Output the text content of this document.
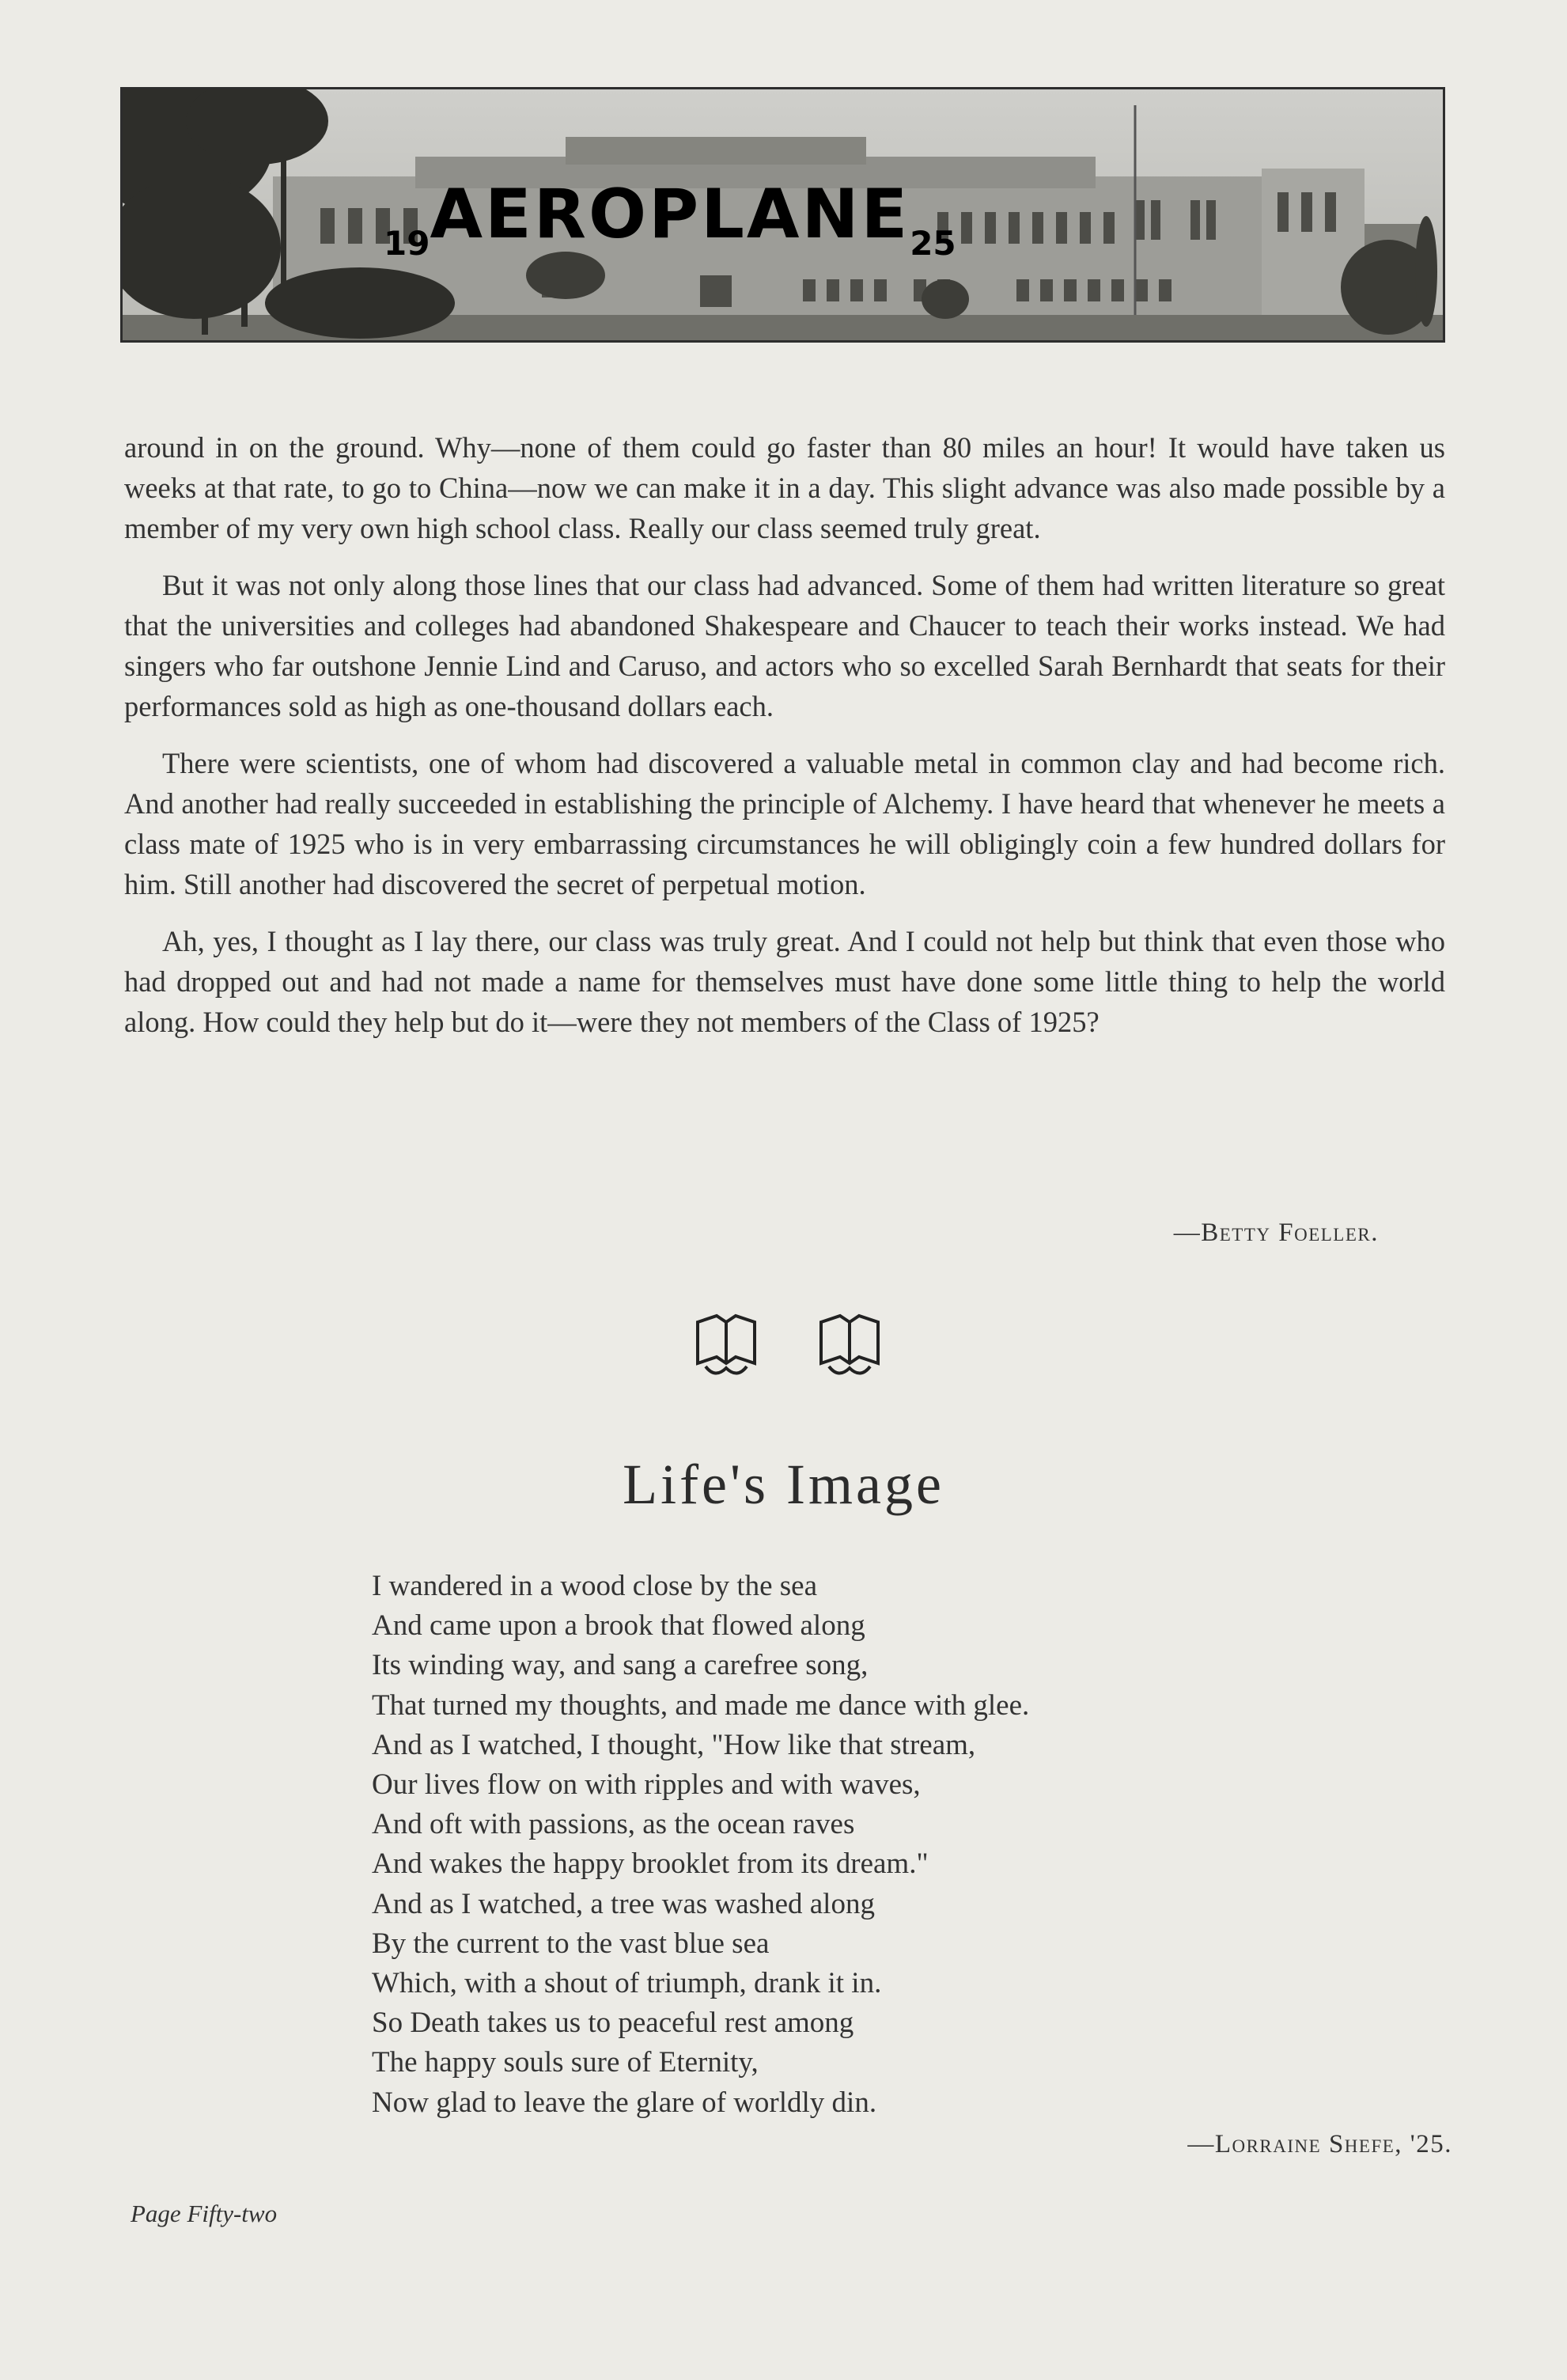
19AEROPLANE25

around in on the ground. Why—none of them could go faster than 80 miles an hour! It would have taken us weeks at that rate, to go to China—now we can make it in a day. This slight advance was also made possible by a member of my very own high school class. Really our class seemed truly great.

But it was not only along those lines that our class had advanced. Some of them had written literature so great that the universities and colleges had abandoned Shakespeare and Chaucer to teach their works instead. We had singers who far outshone Jennie Lind and Caruso, and actors who so excelled Sarah Bernhardt that seats for their performances sold as high as one-thousand dollars each.

There were scientists, one of whom had discovered a valuable metal in common clay and had become rich. And another had really succeeded in establishing the principle of Alchemy. I have heard that whenever he meets a class mate of 1925 who is in very embarrassing circumstances he will obligingly coin a few hundred dollars for him. Still another had discovered the secret of perpetual motion.

Ah, yes, I thought as I lay there, our class was truly great. And I could not help but think that even those who had dropped out and had not made a name for themselves must have done some little thing to help the world along. How could they help but do it—were they not members of the Class of 1925?

—Betty Foeller.
Life's Image
I wandered in a wood close by the sea
And came upon a brook that flowed along
Its winding way, and sang a carefree song,
That turned my thoughts, and made me dance with glee.
And as I watched, I thought, "How like that stream,
Our lives flow on with ripples and with waves,
And oft with passions, as the ocean raves
And wakes the happy brooklet from its dream."
And as I watched, a tree was washed along
By the current to the vast blue sea
Which, with a shout of triumph, drank it in.
So Death takes us to peaceful rest among
The happy souls sure of Eternity,
Now glad to leave the glare of worldly din.
—Lorraine Shefe, '25.
Page Fifty-two
